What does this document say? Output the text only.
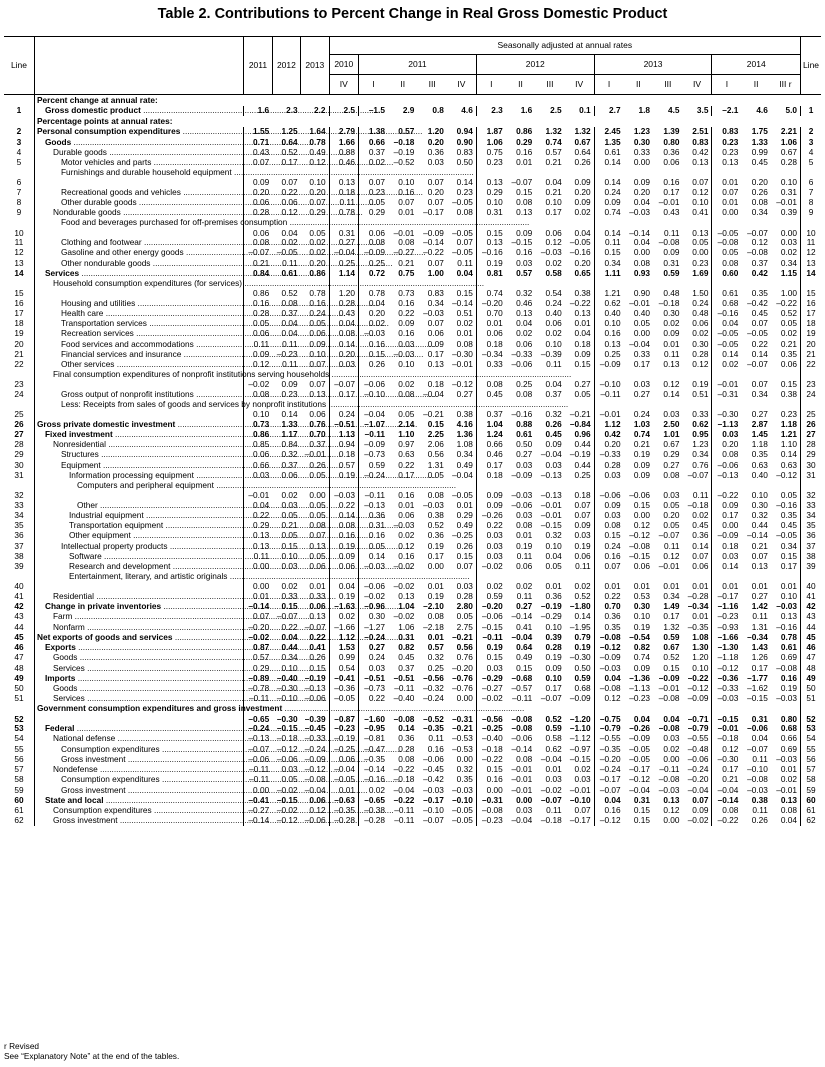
Table 2. Contributions to Percent Change in Real Gross Domestic Product
Line		2011	2012	2013	Seasonally adjusted at annual rates																Line
					2010	2011				2012				2013				2014			
					IV	I	II	III	IV	I	II	III	IV	I	II	III	IV	I	II	III r	
	Percent change at annual rate:																				
1	Gross domestic product .....	1.6	2.3	2.2	2.5	–1.5	2.9	0.8	4.6	2.3	1.6	2.5	0.1	2.7	1.8	4.5	3.5	–2.1	4.6	5.0	1
	Percentage points at annual rates:																				
2	Personal consumption expenditures .....	1.55	1.25	1.64	2.79	1.38	0.57	1.20	0.94	1.87	0.86	1.32	1.32	2.45	1.23	1.39	2.51	0.83	1.75	2.21	2
3	Goods .....	0.71	0.64	0.78	1.66	0.66	–0.18	0.20	0.90	1.06	0.29	0.74	0.67	1.35	0.30	0.80	0.83	0.23	1.33	1.06	3
4	Durable goods .....	0.43	0.52	0.49	0.88	0.37	–0.19	0.36	0.83	0.75	0.16	0.57	0.64	0.61	0.33	0.36	0.42	0.23	0.99	0.67	4
5	Motor vehicles and parts .....	0.07	0.17	0.12	0.46	0.02	–0.52	0.03	0.50	0.23	0.01	0.21	0.26	0.14	0.00	0.06	0.13	0.13	0.45	0.28	5
6	Furnishings and durable household equipment .....	0.09	0.07	0.10	0.13	0.07	0.10	0.07	0.14	0.13	–0.07	0.04	0.09	0.14	0.09	0.16	0.07	0.01	0.20	0.10	6
7	Recreational goods and vehicles .....	0.20	0.22	0.20	0.18	0.23	0.16	0.20	0.23	0.29	0.15	0.21	0.20	0.24	0.20	0.17	0.12	0.07	0.26	0.31	7
8	Other durable goods .....	0.06	0.06	0.07	0.11	0.05	0.07	0.07	–0.05	0.10	0.08	0.10	0.09	0.09	0.04	–0.01	0.10	0.01	0.08	–0.01	8
9	Nondurable goods .....	0.28	0.12	0.29	0.78	0.29	0.01	–0.17	0.08	0.31	0.13	0.17	0.02	0.74	–0.03	0.43	0.41	0.00	0.34	0.39	9
10	Food and beverages purchased for off-premises consumption .....	0.06	0.04	0.05	0.31	0.06	–0.01	–0.09	–0.05	0.15	0.09	0.06	0.04	0.14	–0.14	0.11	0.13	–0.05	–0.07	0.00	10
11	Clothing and footwear .....	0.08	0.02	0.02	0.27	0.08	0.08	–0.14	0.07	0.13	–0.15	0.12	–0.05	0.11	0.04	–0.08	0.05	–0.08	0.12	0.03	11
12	Gasoline and other energy goods .....	–0.07	–0.05	0.02	–0.04	–0.09	–0.27	–0.22	–0.05	–0.16	0.16	–0.03	–0.16	0.15	0.00	0.09	0.00	0.05	–0.08	0.02	12
13	Other nondurable goods .....	0.21	0.11	0.20	0.25	0.25	0.21	0.07	0.11	0.19	0.03	0.02	0.20	0.34	0.08	0.31	0.23	0.08	0.37	0.34	13
14	Services .....	0.84	0.61	0.86	1.14	0.72	0.75	1.00	0.04	0.81	0.57	0.58	0.65	1.11	0.93	0.59	1.69	0.60	0.42	1.15	14
15	Household consumption expenditures (for services) .....	0.86	0.52	0.78	1.20	0.78	0.73	0.83	0.15	0.74	0.32	0.54	0.38	1.21	0.90	0.48	1.50	0.61	0.35	1.00	15
16	Housing and utilities .....	0.16	0.08	0.16	0.28	0.04	0.16	0.34	–0.14	–0.20	0.46	0.24	–0.22	0.62	–0.01	–0.18	0.24	0.68	–0.42	–0.22	16
17	Health care .....	0.28	0.37	0.24	0.43	0.20	0.22	–0.03	0.51	0.70	0.13	0.40	0.13	0.40	0.40	0.30	0.48	–0.16	0.45	0.52	17
18	Transportation services .....	0.05	0.04	0.05	0.04	0.02	0.09	0.07	0.02	0.01	0.04	0.06	0.01	0.10	0.05	0.02	0.06	0.04	0.07	0.05	18
19	Recreation services .....	0.06	0.04	0.06	0.08	–0.03	0.16	0.06	0.01	0.06	0.02	0.02	0.04	0.16	0.00	0.09	0.02	–0.05	–0.05	0.02	19
20	Food services and accommodations .....	0.11	0.11	0.09	0.14	0.16	0.03	0.09	0.08	0.18	0.06	0.10	0.18	0.13	–0.04	0.01	0.30	–0.05	0.22	0.21	20
21	Financial services and insurance .....	0.09	–0.23	0.10	0.20	0.15	–0.03	0.17	–0.30	–0.34	–0.33	–0.39	0.09	0.25	0.33	0.11	0.28	0.14	0.14	0.35	21
22	Other services .....	0.12	0.11	0.07	0.03	0.26	0.10	0.13	–0.01	0.33	–0.06	0.11	0.15	–0.09	0.17	0.13	0.12	0.02	–0.07	0.06	22
23	Final consumption expenditures of nonprofit institutions serving households .....	–0.02	0.09	0.07	–0.07	–0.06	0.02	0.18	–0.12	0.08	0.25	0.04	0.27	–0.10	0.03	0.12	0.19	–0.01	0.07	0.15	23
24	Gross output of nonprofit institutions .....	0.08	0.23	0.13	0.17	–0.10	0.08	–0.04	0.27	0.45	0.08	0.37	0.05	–0.11	0.27	0.14	0.51	–0.31	0.34	0.38	24
25	Less: Receipts from sales of goods and services by nonprofit institutions .....	0.10	0.14	0.06	0.24	–0.04	0.05	–0.21	0.38	0.37	–0.16	0.32	–0.21	–0.01	0.24	0.03	0.33	–0.30	0.27	0.23	25
26	Gross private domestic investment .....	0.73	1.33	0.76	–0.51	–1.07	2.14	0.15	4.16	1.04	0.88	0.26	–0.84	1.12	1.03	2.50	0.62	–1.13	2.87	1.18	26
27	Fixed investment .....	0.86	1.17	0.70	1.13	–0.11	1.10	2.25	1.36	1.24	0.61	0.45	0.96	0.42	0.74	1.01	0.95	0.03	1.45	1.21	27
28	Nonresidential .....	0.85	0.84	0.37	0.94	–0.09	0.97	2.06	1.08	0.66	0.50	0.09	0.44	0.20	0.21	0.67	1.23	0.20	1.18	1.10	28
29	Structures .....	0.06	0.32	–0.01	0.18	–0.73	0.63	0.56	0.34	0.46	0.27	–0.04	–0.19	–0.33	0.19	0.29	0.34	0.08	0.35	0.14	29
30	Equipment .....	0.66	0.37	0.26	0.57	0.59	0.22	1.31	0.49	0.17	0.03	0.03	0.44	0.28	0.09	0.27	0.76	–0.06	0.63	0.63	30
31	Information processing equipment .....	0.03	0.06	0.05	0.19	–0.24	0.17	0.05	–0.04	0.18	–0.09	–0.13	0.25	0.03	0.09	0.08	–0.07	–0.13	0.40	–0.12	31
32	Computers and peripheral equipment .....	–0.01	0.02	0.00	–0.03	–0.11	0.16	0.08	–0.05	0.09	–0.03	–0.13	0.18	–0.06	–0.06	0.03	0.11	–0.22	0.10	0.05	32
33	Other .....	0.04	0.03	0.05	0.22	–0.13	0.01	–0.03	0.01	0.09	–0.06	–0.01	0.07	0.09	0.15	0.05	–0.18	0.09	0.30	–0.16	33
34	Industrial equipment .....	0.22	0.05	0.05	0.14	0.36	0.06	0.38	0.29	–0.26	0.03	–0.01	0.07	0.03	0.00	0.20	0.02	0.17	0.32	0.35	34
35	Transportation equipment .....	0.29	0.21	0.08	0.08	0.31	–0.03	0.52	0.49	0.22	0.08	–0.15	0.09	0.08	0.12	0.05	0.45	0.00	0.44	0.45	35
36	Other equipment .....	0.13	0.05	0.07	0.16	0.16	0.02	0.36	–0.25	0.03	0.01	0.32	0.03	0.15	–0.12	–0.07	0.36	–0.09	–0.14	–0.05	36
37	Intellectual property products .....	0.13	0.15	0.13	0.19	0.05	0.12	0.19	0.26	0.03	0.19	0.10	0.19	0.24	–0.08	0.11	0.14	0.18	0.21	0.34	37
38	Software .....	0.11	0.10	0.05	0.09	0.14	0.16	0.17	0.15	0.03	0.11	0.04	0.06	0.16	–0.15	0.12	0.07	0.03	0.07	0.15	38
39	Research and development .....	0.00	0.03	0.06	0.06	–0.03	–0.02	0.00	0.07	–0.02	0.06	0.05	0.11	0.07	0.06	–0.01	0.06	0.14	0.13	0.17	39
40	Entertainment, literary, and artistic originals .....	0.00	0.02	0.01	0.04	–0.06	–0.02	0.01	0.03	0.02	0.02	0.01	0.02	0.01	0.01	0.01	0.01	0.01	0.01	0.01	40
41	Residential .....	0.01	0.33	0.33	0.19	–0.02	0.13	0.19	0.28	0.59	0.11	0.36	0.52	0.22	0.53	0.34	–0.28	–0.17	0.27	0.10	41
42	Change in private inventories .....	–0.14	0.15	0.06	–1.63	–0.96	1.04	–2.10	2.80	–0.20	0.27	–0.19	–1.80	0.70	0.30	1.49	–0.34	–1.16	1.42	–0.03	42
43	Farm .....	0.07	–0.07	0.13	0.02	0.30	–0.02	0.08	0.05	–0.06	–0.14	–0.29	0.14	0.36	0.10	0.17	0.01	–0.23	0.11	0.13	43
44	Nonfarm .....	–0.20	0.22	–0.07	–1.66	–1.27	1.06	–2.18	2.75	–0.15	0.41	0.10	–1.95	0.35	0.19	1.32	–0.35	–0.93	1.31	–0.16	44
45	Net exports of goods and services .....	–0.02	0.04	0.22	1.12	–0.24	0.31	0.01	–0.21	–0.11	–0.04	0.39	0.79	–0.08	–0.54	0.59	1.08	–1.66	–0.34	0.78	45
46	Exports .....	0.87	0.44	0.41	1.53	0.27	0.82	0.57	0.56	0.19	0.64	0.28	0.19	–0.12	0.82	0.67	1.30	–1.30	1.43	0.61	46
47	Goods .....	0.57	0.34	0.26	0.99	0.24	0.45	0.32	0.76	0.15	0.49	0.19	–0.30	–0.09	0.74	0.52	1.20	–1.18	1.26	0.69	47
48	Services .....	0.29	0.10	0.15	0.54	0.03	0.37	0.25	–0.20	0.03	0.15	0.09	0.50	–0.03	0.09	0.15	0.10	–0.12	0.17	–0.08	48
49	Imports .....	–0.89	–0.40	–0.19	–0.41	–0.51	–0.51	–0.56	–0.76	–0.29	–0.68	0.10	0.59	0.04	–1.36	–0.09	–0.22	–0.36	–1.77	0.16	49
50	Goods .....	–0.78	–0.30	–0.13	–0.36	–0.73	–0.11	–0.32	–0.76	–0.27	–0.57	0.17	0.68	–0.08	–1.13	–0.01	–0.12	–0.33	–1.62	0.19	50
51	Services .....	–0.11	–0.10	–0.06	–0.05	0.22	–0.40	–0.24	0.00	–0.02	–0.11	–0.07	–0.09	0.12	–0.23	–0.08	–0.09	–0.03	–0.15	–0.03	51
52	Government consumption expenditures and gross investment .....	–0.65	–0.30	–0.39	–0.87	–1.60	–0.08	–0.52	–0.31	–0.56	–0.08	0.52	–1.20	–0.75	0.04	0.04	–0.71	–0.15	0.31	0.80	52
53	Federal .....	–0.24	–0.15	–0.45	–0.23	–0.95	0.14	–0.35	–0.21	–0.25	–0.08	0.59	–1.10	–0.79	–0.26	–0.08	–0.79	–0.01	–0.06	0.68	53
54	National defense .....	–0.13	–0.18	–0.33	–0.19	–0.81	0.36	0.11	–0.53	–0.40	–0.06	0.58	–1.12	–0.55	–0.09	0.03	–0.55	–0.18	0.04	0.66	54
55	Consumption expenditures .....	–0.07	–0.12	–0.24	–0.25	–0.47	0.28	0.16	–0.53	–0.18	–0.14	0.62	–0.97	–0.35	–0.05	0.02	–0.48	0.12	–0.07	0.69	55
56	Gross investment .....	–0.06	–0.06	–0.09	0.06	–0.35	0.08	–0.06	0.00	–0.22	0.08	–0.04	–0.15	–0.20	–0.05	0.00	–0.06	–0.30	0.11	–0.03	56
57	Nondefense .....	–0.11	0.03	–0.12	–0.04	–0.14	–0.22	–0.45	0.32	0.15	–0.01	0.01	0.02	–0.24	–0.17	–0.11	–0.24	0.17	–0.10	0.01	57
58	Consumption expenditures .....	–0.11	0.05	–0.08	–0.05	–0.16	–0.18	–0.42	0.35	0.16	–0.01	0.03	0.03	–0.17	–0.12	–0.08	–0.20	0.21	–0.08	0.02	58
59	Gross investment .....	0.00	–0.02	–0.04	0.01	0.02	–0.04	–0.03	–0.03	0.00	–0.01	–0.02	–0.01	–0.07	–0.04	–0.03	–0.04	–0.04	–0.03	–0.01	59
60	State and local .....	–0.41	–0.15	0.06	–0.63	–0.65	–0.22	–0.17	–0.10	–0.31	0.00	–0.07	–0.10	0.04	0.31	0.13	0.07	–0.14	0.38	0.13	60
61	Consumption expenditures .....	–0.27	–0.02	0.12	–0.35	–0.38	–0.11	–0.10	–0.05	–0.08	0.03	0.11	0.07	0.16	0.15	0.12	0.09	0.08	0.11	0.08	61
62	Gross investment .....	–0.14	–0.12	–0.06	–0.28	–0.28	–0.11	–0.07	–0.05	–0.23	–0.04	–0.18	–0.17	–0.12	0.15	0.00	–0.02	–0.22	0.26	0.04	62
r Revised
See “Explanatory Note” at the end of the tables.
